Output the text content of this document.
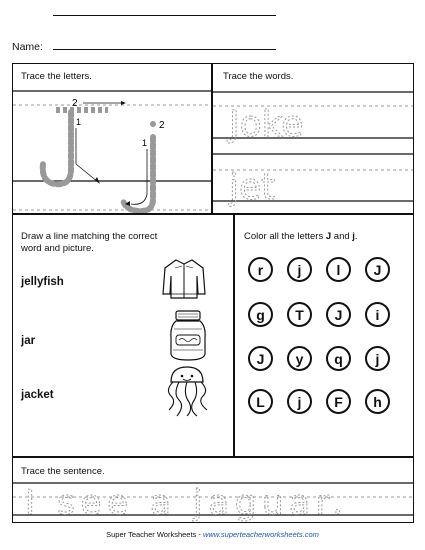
Name:
Trace the letters.
2
1	2
1
Trace the words.
Joke
jet
Draw a line matching the correct
word and picture.
jellyfish
jar
jacket
Color all the letters J and j.
r	j	l	J
g	T	J	i
J	y	q	j
L	j	F	h
Trace the sentence.
I see a jaguar.
Super Teacher Worksheets - www.superteacherworksheets.com
